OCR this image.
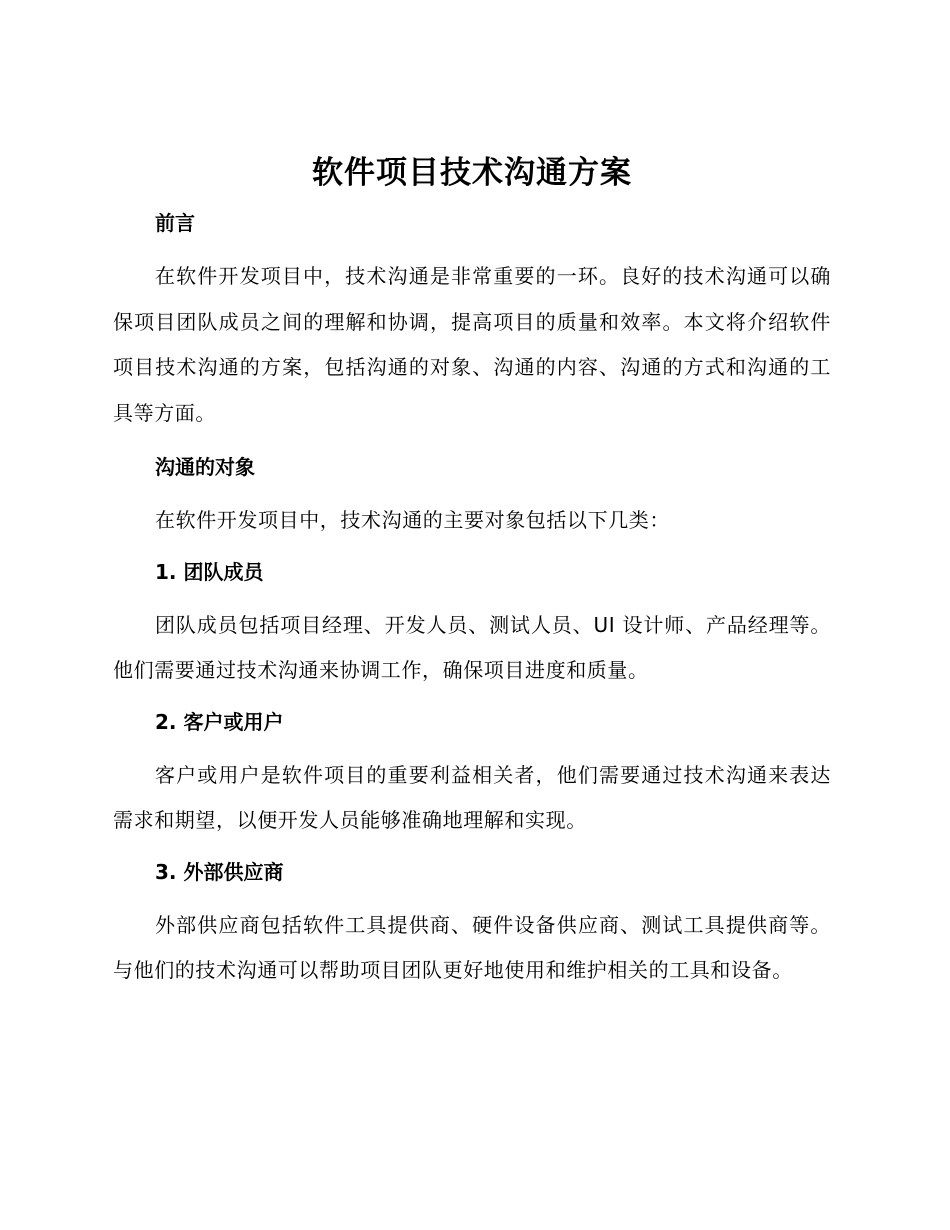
软件项目技术沟通方案
前言
在软件开发项目中，技术沟通是非常重要的一环。良好的技术沟通可以确保项目团队成员之间的理解和协调，提高项目的质量和效率。本文将介绍软件项目技术沟通的方案，包括沟通的对象、沟通的内容、沟通的方式和沟通的工具等方面。
沟通的对象
在软件开发项目中，技术沟通的主要对象包括以下几类：
1. 团队成员
团队成员包括项目经理、开发人员、测试人员、UI 设计师、产品经理等。他们需要通过技术沟通来协调工作，确保项目进度和质量。
2. 客户或用户
客户或用户是软件项目的重要利益相关者，他们需要通过技术沟通来表达需求和期望，以便开发人员能够准确地理解和实现。
3. 外部供应商
外部供应商包括软件工具提供商、硬件设备供应商、测试工具提供商等。与他们的技术沟通可以帮助项目团队更好地使用和维护相关的工具和设备。
